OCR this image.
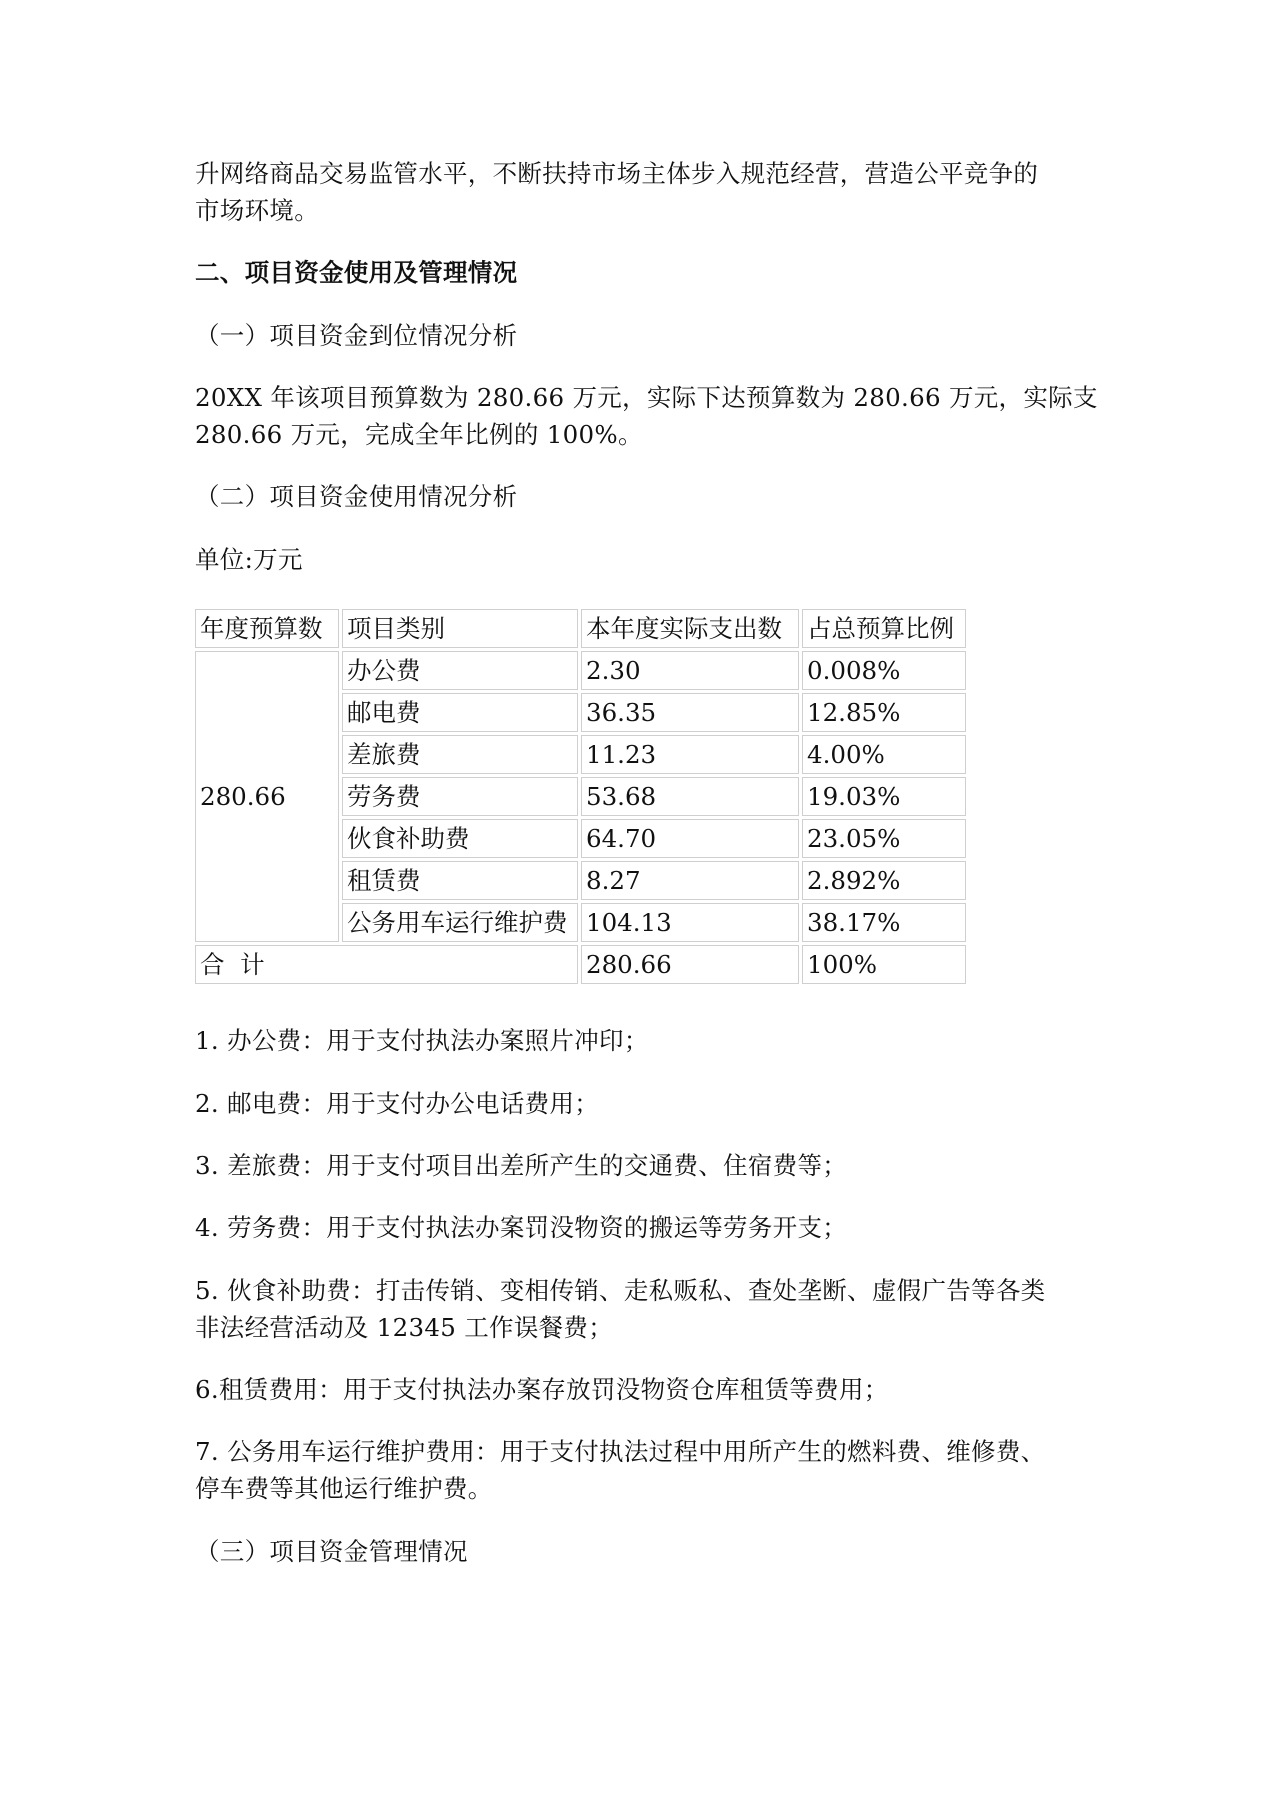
升网络商品交易监管水平，不断扶持市场主体步入规范经营，营造公平竞争的
市场环境。
二、项目资金使用及管理情况
（一）项目资金到位情况分析
20XX 年该项目预算数为 280.66 万元，实际下达预算数为 280.66 万元，实际支
280.66 万元，完成全年比例的 100%。
（二）项目资金使用情况分析
单位:万元
年度预算数	项目类别	本年度实际支出数	占总预算比例
280.66	办公费	2.30	0.008%
	邮电费	36.35	12.85%
	差旅费	11.23	4.00%
	劳务费	53.68	19.03%
	伙食补助费	64.70	23.05%
	租赁费	8.27	2.892%
	公务用车运行维护费	104.13	38.17%
合  计		280.66	100%
1. 办公费：用于支付执法办案照片冲印；
2. 邮电费：用于支付办公电话费用；
3. 差旅费：用于支付项目出差所产生的交通费、住宿费等；
4. 劳务费：用于支付执法办案罚没物资的搬运等劳务开支；
5. 伙食补助费：打击传销、变相传销、走私贩私、查处垄断、虚假广告等各类
非法经营活动及 12345 工作误餐费；
6.租赁费用：用于支付执法办案存放罚没物资仓库租赁等费用；
7. 公务用车运行维护费用：用于支付执法过程中用所产生的燃料费、维修费、
停车费等其他运行维护费。
（三）项目资金管理情况
